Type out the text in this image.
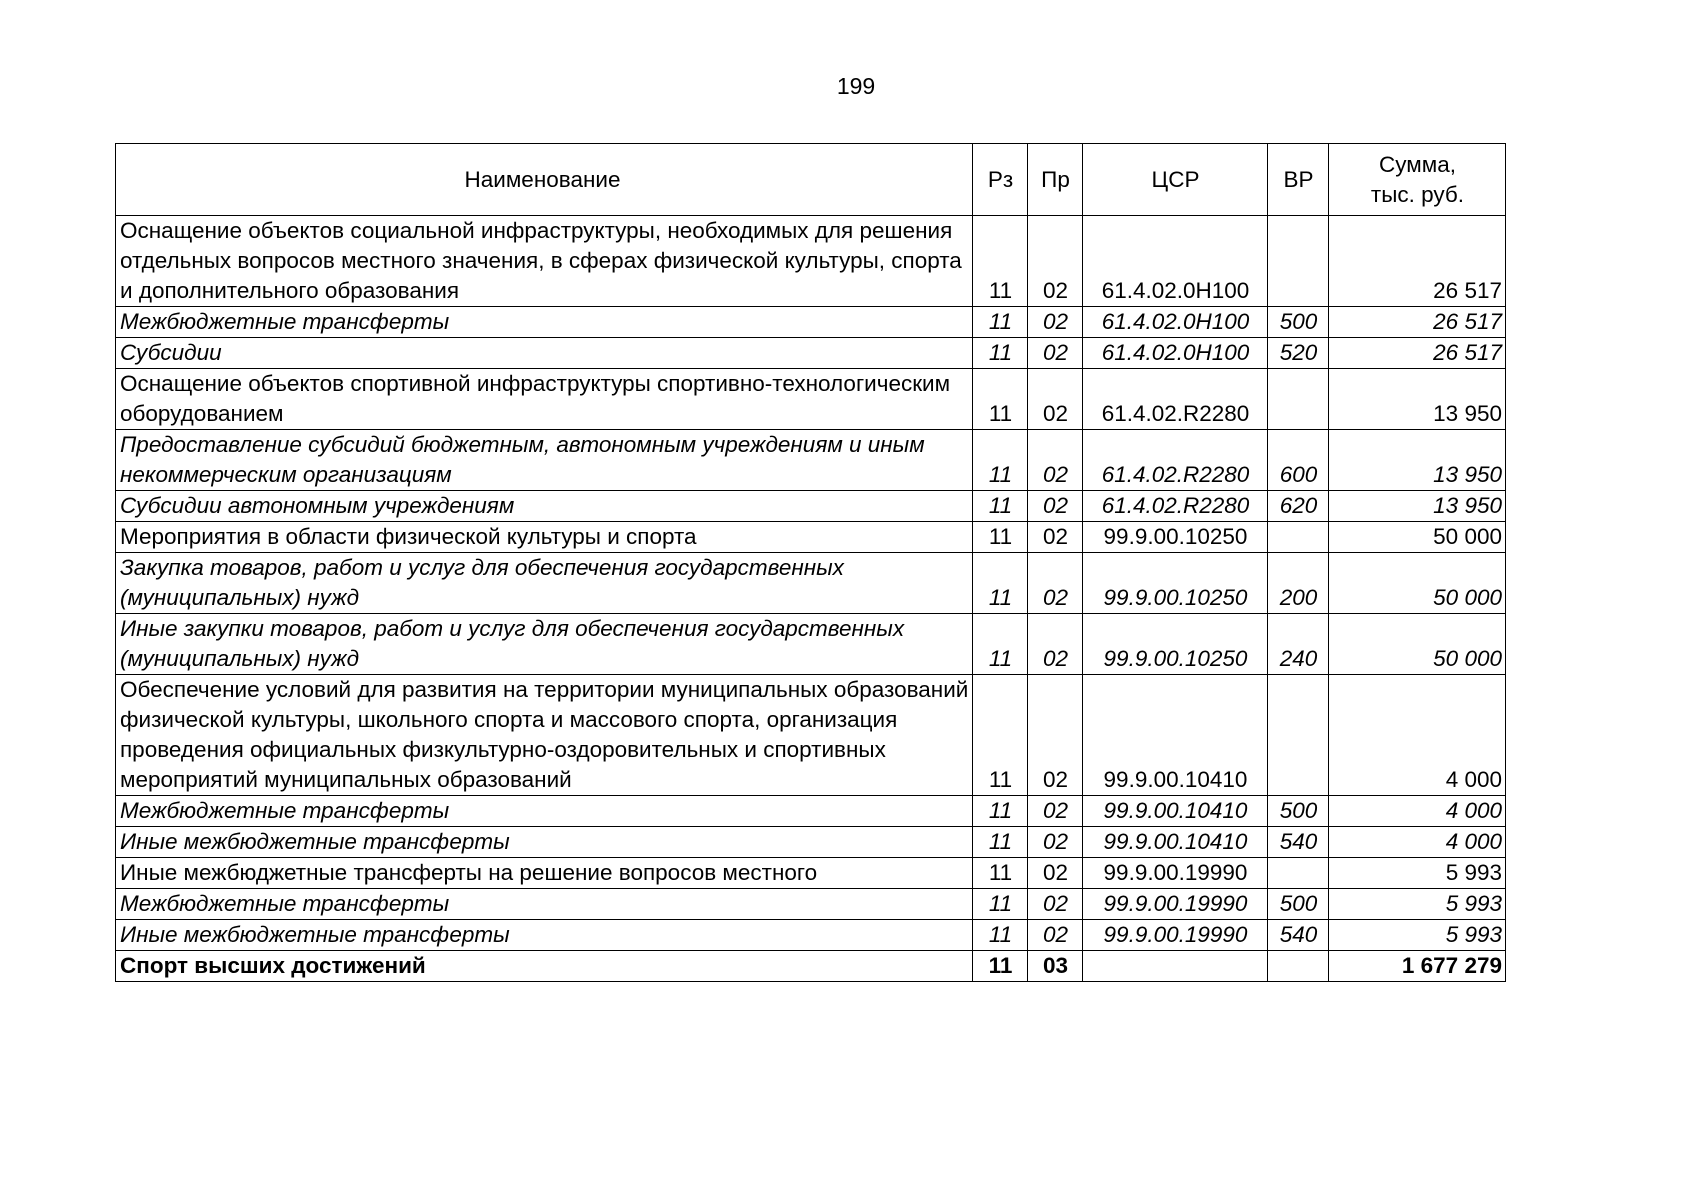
199
Наименование	Рз	Пр	ЦСР	ВР	Сумма,
тыс. руб.

Оснащение объектов социальной инфраструктуры, необходимых для решения отдельных вопросов местного значения, в сферах физической культуры, спорта и дополнительного образования	11	02	61.4.02.0Н100		26 517
Межбюджетные трансферты	11	02	61.4.02.0Н100	500	26 517
Субсидии	11	02	61.4.02.0Н100	520	26 517
Оснащение объектов спортивной инфраструктуры спортивно-технологическим оборудованием	11	02	61.4.02.R2280		13 950
Предоставление субсидий бюджетным, автономным учреждениям и иным некоммерческим организациям	11	02	61.4.02.R2280	600	13 950
Субсидии автономным учреждениям	11	02	61.4.02.R2280	620	13 950
Мероприятия в области физической культуры и спорта	11	02	99.9.00.10250		50 000
Закупка товаров, работ и услуг для обеспечения государственных (муниципальных) нужд	11	02	99.9.00.10250	200	50 000
Иные закупки товаров, работ и услуг для обеспечения государственных (муниципальных) нужд	11	02	99.9.00.10250	240	50 000
Обеспечение условий для развития на территории муниципальных образований физической культуры, школьного спорта и массового спорта, организация проведения официальных физкультурно-оздоровительных и спортивных мероприятий муниципальных образований	11	02	99.9.00.10410		4 000
Межбюджетные трансферты	11	02	99.9.00.10410	500	4 000
Иные межбюджетные трансферты	11	02	99.9.00.10410	540	4 000
Иные межбюджетные трансферты на решение вопросов местного	11	02	99.9.00.19990		5 993
Межбюджетные трансферты	11	02	99.9.00.19990	500	5 993
Иные межбюджетные трансферты	11	02	99.9.00.19990	540	5 993
Спорт высших достижений	11	03			1 677 279
